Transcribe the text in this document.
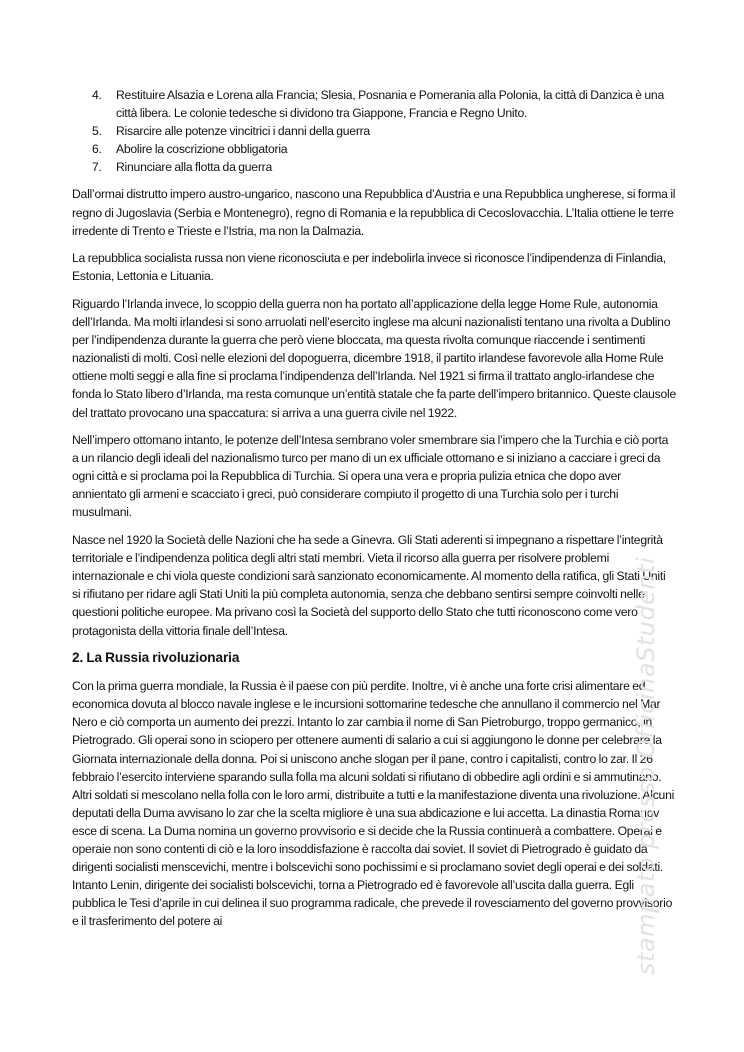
4. Restituire Alsazia e Lorena alla Francia; Slesia, Posnania e Pomerania alla Polonia, la città di Danzica è una città libera. Le colonie tedesche si dividono tra Giappone, Francia e Regno Unito.
5. Risarcire alle potenze vincitrici i danni della guerra
6. Abolire la coscrizione obbligatoria
7. Rinunciare alla flotta da guerra

Dall’ormai distrutto impero austro-ungarico, nascono una Repubblica d’Austria e una Repubblica ungherese, si forma il regno di Jugoslavia (Serbia e Montenegro), regno di Romania e la repubblica di Cecoslovacchia. L’Italia ottiene le terre irredente di Trento e Trieste e l’Istria, ma non la Dalmazia.

La repubblica socialista russa non viene riconosciuta e per indebolirla invece si riconosce l’indipendenza di Finlandia, Estonia, Lettonia e Lituania.

Riguardo l’Irlanda invece, lo scoppio della guerra non ha portato all’applicazione della legge Home Rule, autonomia dell’Irlanda. Ma molti irlandesi si sono arruolati nell’esercito inglese ma alcuni nazionalisti tentano una rivolta a Dublino per l’indipendenza durante la guerra che però viene bloccata, ma questa rivolta comunque riaccende i sentimenti nazionalisti di molti. Così nelle elezioni del dopoguerra, dicembre 1918, il partito irlandese favorevole alla Home Rule ottiene molti seggi e alla fine si proclama l’indipendenza dell’Irlanda. Nel 1921 si firma il trattato anglo-irlandese che fonda lo Stato libero d’Irlanda, ma resta comunque un’entità statale che fa parte dell’impero britannico. Queste clausole del trattato provocano una spaccatura: si arriva a una guerra civile nel 1922.

Nell’impero ottomano intanto, le potenze dell’Intesa sembrano voler smembrare sia l’impero che la Turchia e ciò porta a un rilancio degli ideali del nazionalismo turco per mano di un ex ufficiale ottomano e si iniziano a cacciare i greci da ogni città e si proclama poi la Repubblica di Turchia. Si opera una vera e propria pulizia etnica che dopo aver annientato gli armeni e scacciato i greci, può considerare compiuto il progetto di una Turchia solo per i turchi musulmani.

Nasce nel 1920 la Società delle Nazioni che ha sede a Ginevra. Gli Stati aderenti si impegnano a rispettare l’integrità territoriale e l’indipendenza politica degli altri stati membri. Vieta il ricorso alla guerra per risolvere problemi internazionale e chi viola queste condizioni sarà sanzionato economicamente. Al momento della ratifica, gli Stati Uniti si rifiutano per ridare agli Stati Uniti la più completa autonomia, senza che debbano sentirsi sempre coinvolti nelle questioni politiche europee. Ma privano così la Società del supporto dello Stato che tutti riconoscono come vero protagonista della vittoria finale dell’Intesa.

2. La Russia rivoluzionaria

Con la prima guerra mondiale, la Russia è il paese con più perdite. Inoltre, vi è anche una forte crisi alimentare ed economica dovuta al blocco navale inglese e le incursioni sottomarine tedesche che annullano il commercio nel Mar Nero e ciò comporta un aumento dei prezzi. Intanto lo zar cambia il nome di San Pietroburgo, troppo germanico, in Pietrogrado. Gli operai sono in sciopero per ottenere aumenti di salario a cui si aggiungono le donne per celebrare la Giornata internazionale della donna. Poi si uniscono anche slogan per il pane, contro i capitalisti, contro lo zar. Il 26 febbraio l’esercito interviene sparando sulla folla ma alcuni soldati si rifiutano di obbedire agli ordini e si ammutinano. Altri soldati si mescolano nella folla con le loro armi, distribuite a tutti e la manifestazione diventa una rivoluzione. Alcuni deputati della Duma avvisano lo zar che la scelta migliore è una sua abdicazione e lui accetta. La dinastia Romanov esce di scena. La Duma nomina un governo provvisorio e si decide che la Russia continuerà a combattere. Operai e operaie non sono contenti di ciò e la loro insoddisfazione è raccolta dai soviet. Il soviet di Pietrogrado è guidato da dirigenti socialisti menscevichi, mentre i bolscevichi sono pochissimi e si proclamano soviet degli operai e dei soldati. Intanto Lenin, dirigente dei socialisti bolscevichi, torna a Pietrogrado ed è favorevole all’uscita dalla guerra. Egli pubblica le Tesi d’aprile in cui delinea il suo programma radicale, che prevede il rovesciamento del governo provvisorio e il trasferimento del potere ai	stampato presso OfficinaStudenti
